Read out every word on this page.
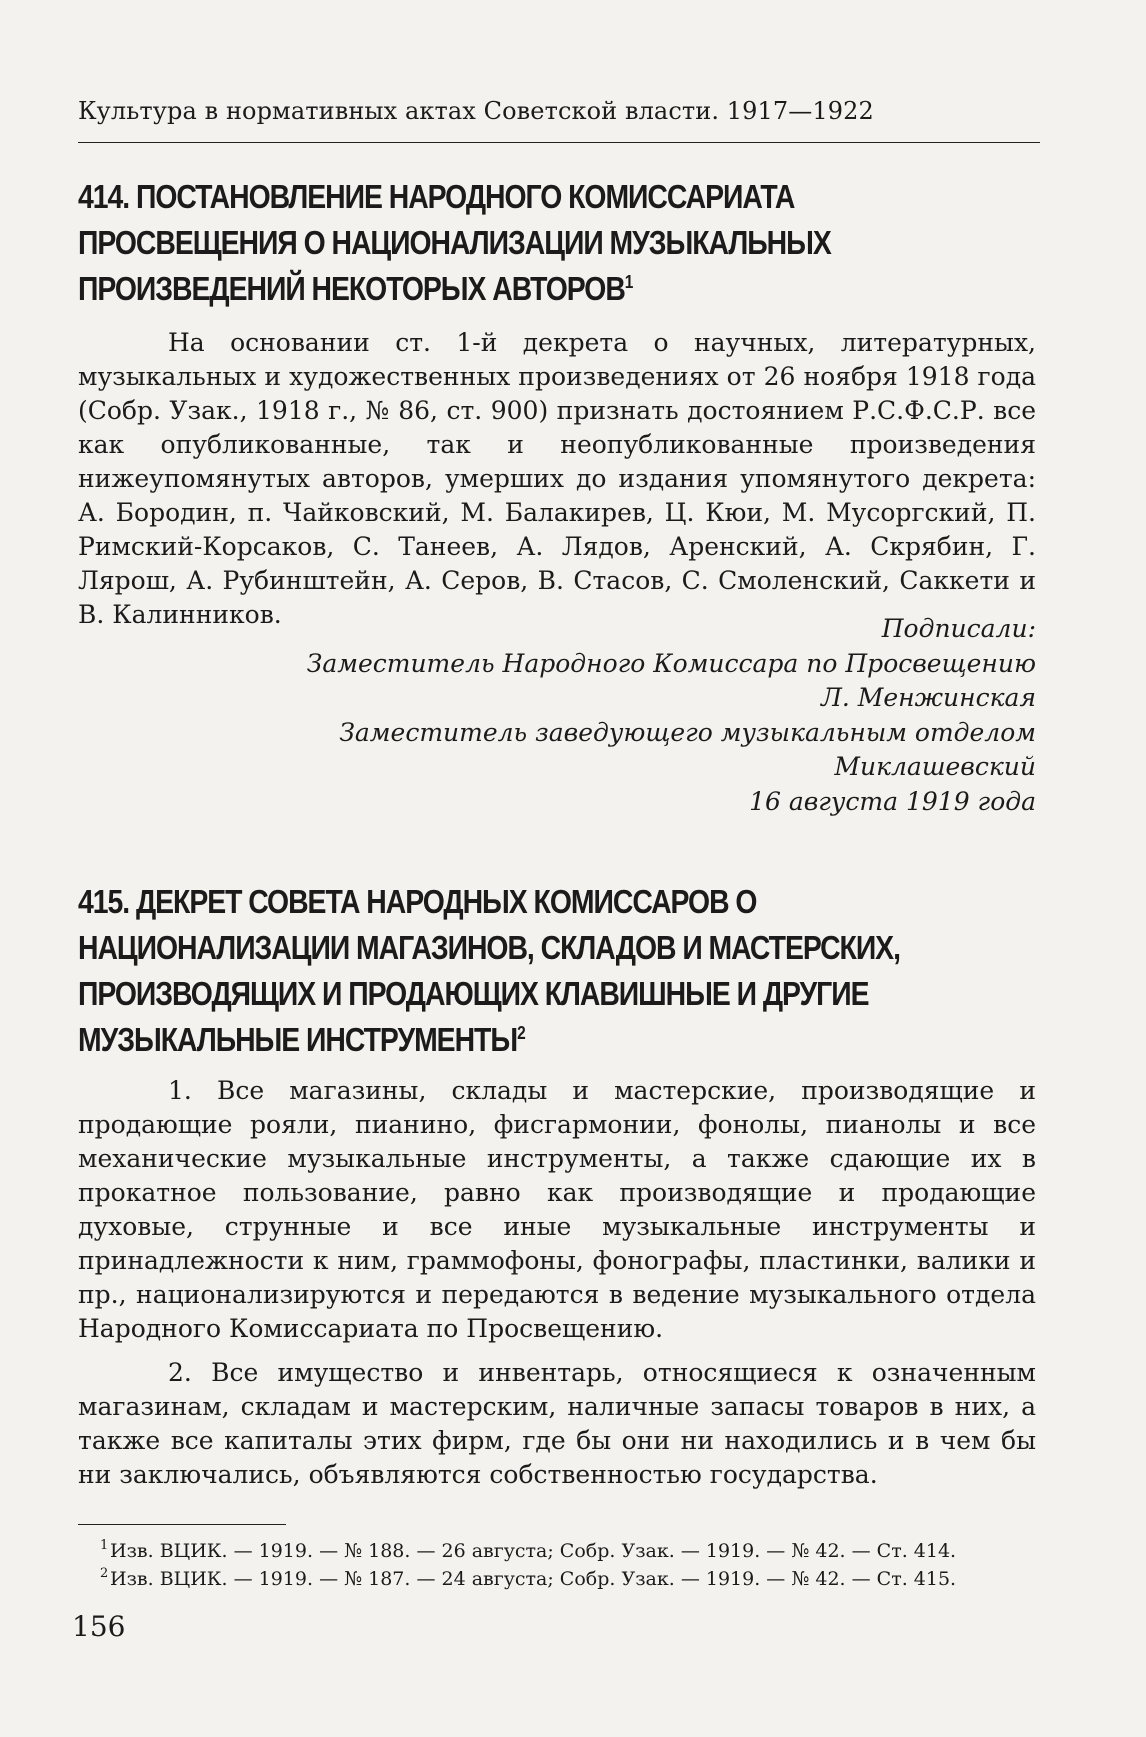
Культура в нормативных актах Советской власти. 1917—1922
414. ПОСТАНОВЛЕНИЕ НАРОДНОГО КОМИССАРИАТА ПРОСВЕЩЕНИЯ О НАЦИОНАЛИЗАЦИИ МУЗЫКАЛЬНЫХ ПРОИЗВЕДЕНИЙ НЕКОТОРЫХ АВТОРОВ$^1$

На основании ст. 1-й декрета о научных, литературных, музыкальных и художественных произведениях от 26 ноября 1918 года (Собр. Узак., 1918 г., № 86, ст. 900) признать достоянием Р.С.Ф.С.Р. все как опубликованные, так и неопубликованные произведения нижеупомянутых авторов, умерших до издания упомянутого декрета: А. Бородин, п. Чайковский, М. Балакирев, Ц. Кюи, М. Мусоргский, П. Римский-Корсаков, С. Танеев, А. Лядов, Аренский, А. Скрябин, Г. Лярош, А. Рубинштейн, А. Серов, В. Стасов, С. Смоленский, Саккети и В. Калинников.	Подписали:
Заместитель Народного Комиссара по Просвещению
Л. Менжинская
Заместитель заведующего музыкальным отделом
Миклашевский
16 августа 1919 года
415. ДЕКРЕТ СОВЕТА НАРОДНЫХ КОМИССАРОВ О НАЦИОНАЛИЗАЦИИ МАГАЗИНОВ, СКЛАДОВ И МАСТЕРСКИХ, ПРОИЗВОДЯЩИХ И ПРОДАЮЩИХ КЛАВИШНЫЕ И ДРУГИЕ МУЗЫКАЛЬНЫЕ ИНСТРУМЕНТЫ$^2$

1. Все магазины, склады и мастерские, производящие и продающие рояли, пианино, фисгармонии, фонолы, пианолы и все механические музыкальные инструменты, а также сдающие их в прокатное пользование, равно как производящие и продающие духовые, струнные и все иные музыкальные инструменты и принадлежности к ним, граммофоны, фонографы, пластинки, валики и пр., национализируются и передаются в ведение музыкального отдела Народного Комиссариата по Просвещению.

2. Все имущество и инвентарь, относящиеся к означенным магазинам, складам и мастерским, наличные запасы товаров в них, а также все капиталы этих фирм, где бы они ни находились и в чем бы ни заключались, объявляются собственностью государства.

1 Изв. ВЦИК. — 1919. — № 188. — 26 августа; Собр. Узак. — 1919. — № 42. — Ст. 414.
2 Изв. ВЦИК. — 1919. — № 187. — 24 августа; Собр. Узак. — 1919. — № 42. — Ст. 415.
156
